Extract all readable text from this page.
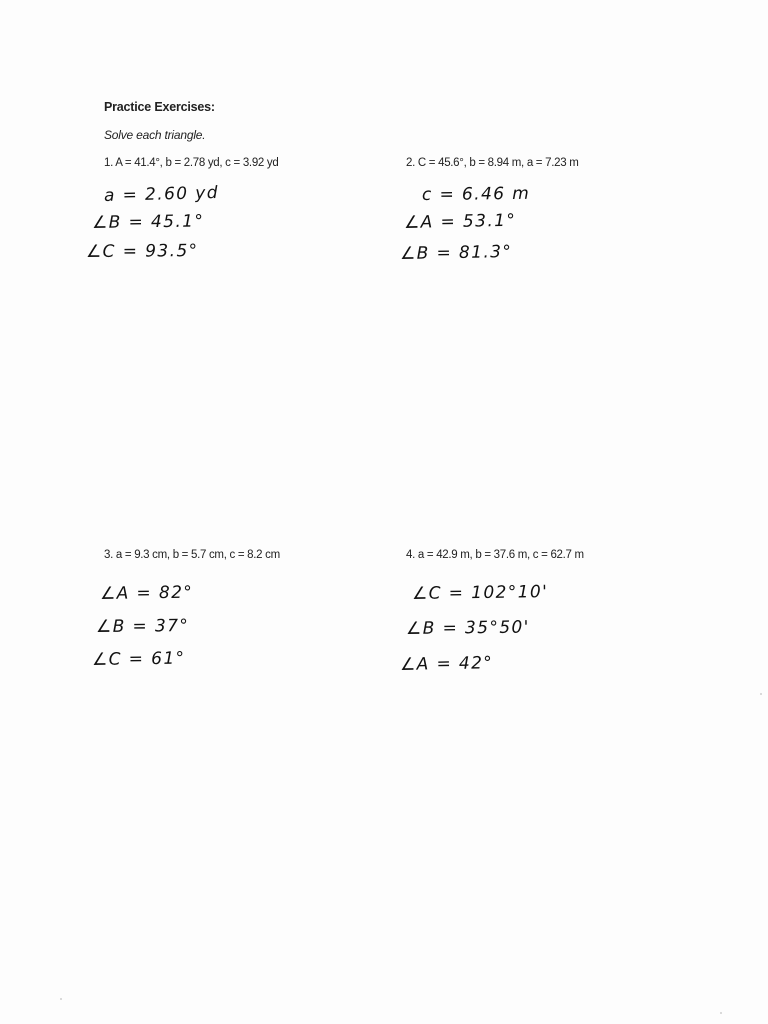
Practice Exercises:
Solve each triangle.
1. A = 41.4°, b = 2.78 yd, c = 3.92 yd
a = 2.60 yd
∠B = 45.1°
∠C = 93.5°
2. C = 45.6°, b = 8.94 m, a = 7.23 m
c = 6.46 m
∠A = 53.1°
∠B = 81.3°
3. a = 9.3 cm, b = 5.7 cm, c = 8.2 cm
∠A = 82°
∠B = 37°
∠C = 61°
4. a = 42.9 m, b = 37.6 m, c = 62.7 m
∠C = 102°10'
∠B = 35°50'
∠A = 42°
